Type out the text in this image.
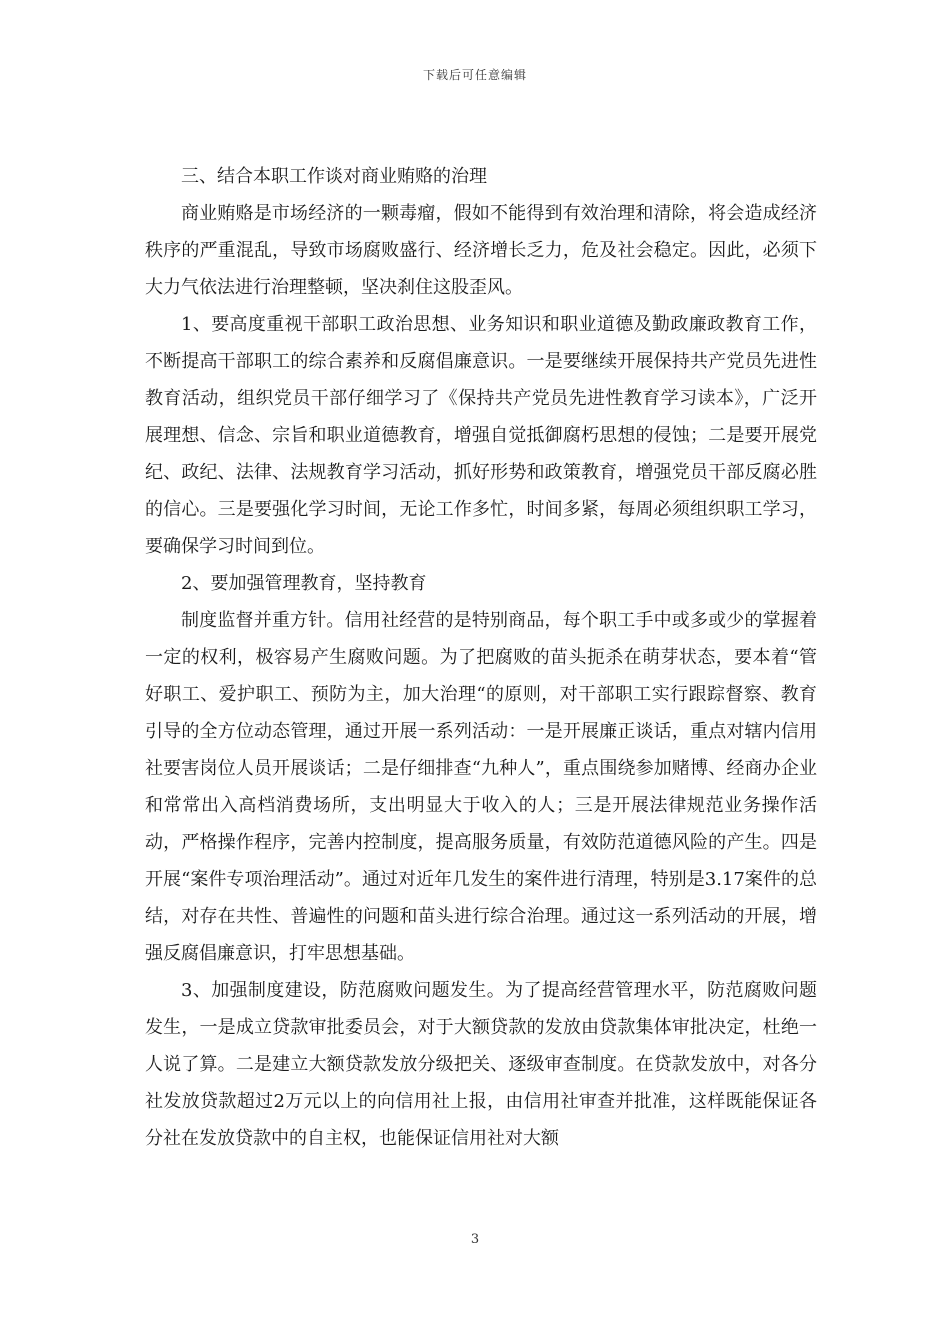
下载后可任意编辑

三、结合本职工作谈对商业贿赂的治理

商业贿赂是市场经济的一颗毒瘤，假如不能得到有效治理和清除，将会造成经济秩序的严重混乱，导致市场腐败盛行、经济增长乏力，危及社会稳定。因此，必须下大力气依法进行治理整顿，坚决刹住这股歪风。

1、要高度重视干部职工政治思想、业务知识和职业道德及勤政廉政教育工作，不断提高干部职工的综合素养和反腐倡廉意识。一是要继续开展保持共产党员先进性教育活动，组织党员干部仔细学习了《保持共产党员先进性教育学习读本》，广泛开展理想、信念、宗旨和职业道德教育，增强自觉抵御腐朽思想的侵蚀；二是要开展党纪、政纪、法律、法规教育学习活动，抓好形势和政策教育，增强党员干部反腐必胜的信心。三是要强化学习时间，无论工作多忙，时间多紧，每周必须组织职工学习，要确保学习时间到位。

2、要加强管理教育，坚持教育

制度监督并重方针。信用社经营的是特别商品，每个职工手中或多或少的掌握着一定的权利，极容易产生腐败问题。为了把腐败的苗头扼杀在萌芽状态，要本着“管好职工、爱护职工、预防为主，加大治理“的原则，对干部职工实行跟踪督察、教育引导的全方位动态管理，通过开展一系列活动：一是开展廉正谈话，重点对辖内信用社要害岗位人员开展谈话；二是仔细排查“九种人”，重点围绕参加赌博、经商办企业和常常出入高档消费场所，支出明显大于收入的人；三是开展法律规范业务操作活动，严格操作程序，完善内控制度，提高服务质量，有效防范道德风险的产生。四是开展“案件专项治理活动”。通过对近年几发生的案件进行清理，特别是3.17案件的总结，对存在共性、普遍性的问题和苗头进行综合治理。通过这一系列活动的开展，增强反腐倡廉意识，打牢思想基础。

3、加强制度建设，防范腐败问题发生。为了提高经营管理水平，防范腐败问题发生，一是成立贷款审批委员会，对于大额贷款的发放由贷款集体审批决定，杜绝一人说了算。二是建立大额贷款发放分级把关、逐级审查制度。在贷款发放中，对各分社发放贷款超过2万元以上的向信用社上报，由信用社审查并批准，这样既能保证各分社在发放贷款中的自主权，也能保证信用社对大额

3
